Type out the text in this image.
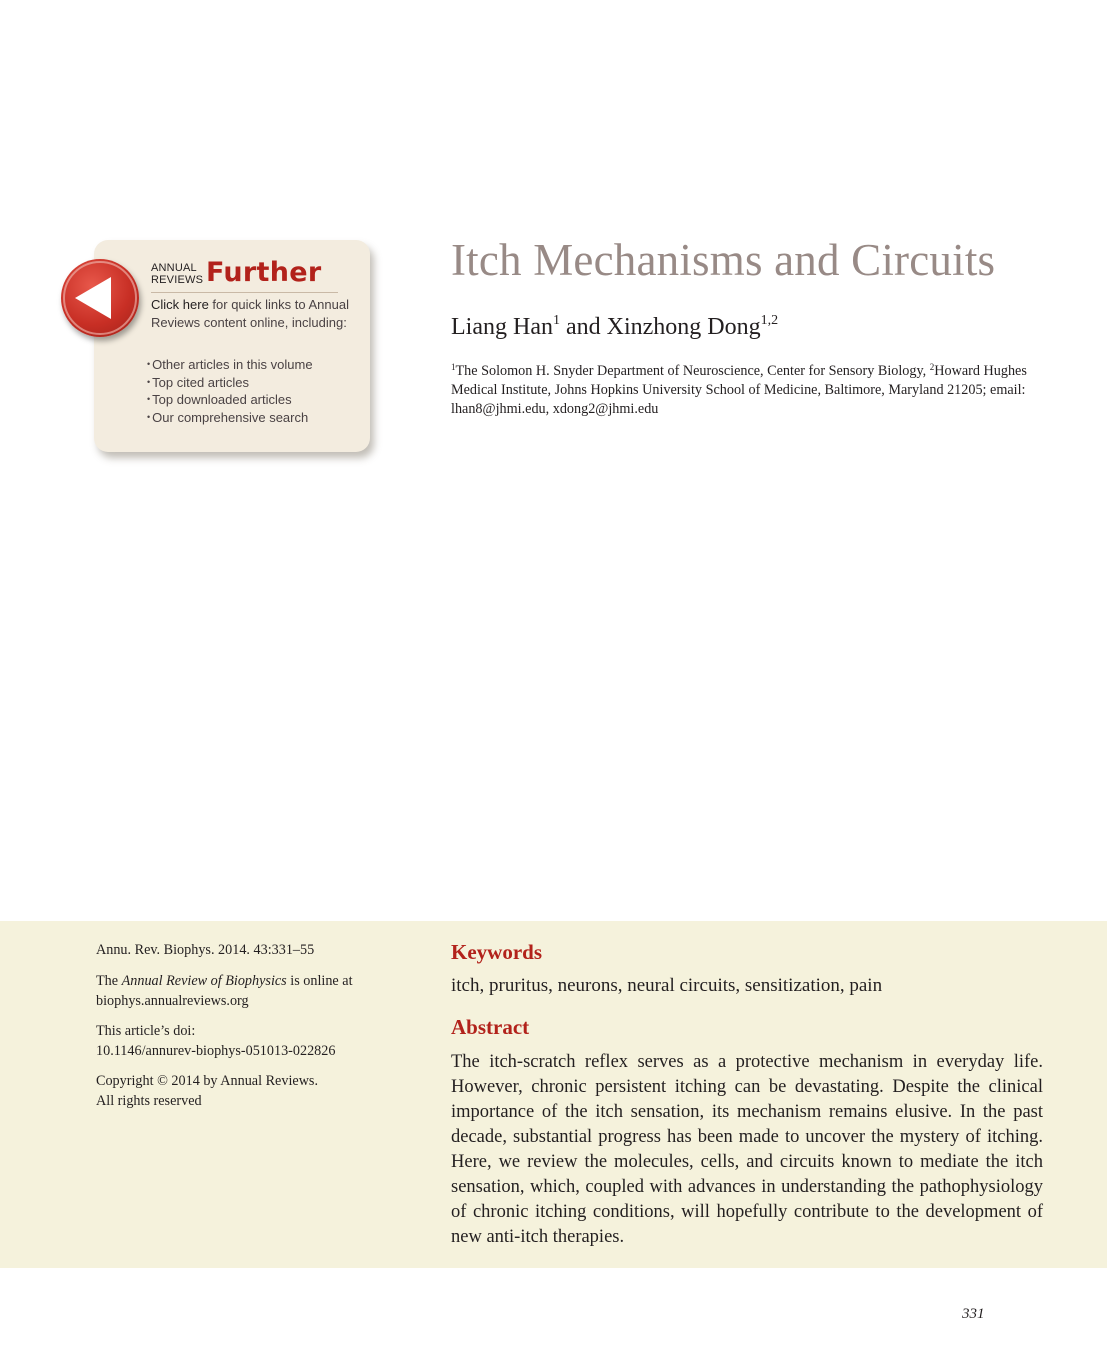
ANNUAL
REVIEWS Further
Click here for quick links to Annual Reviews content online, including:
• Other articles in this volume
• Top cited articles
• Top downloaded articles
• Our comprehensive search
Itch Mechanisms and Circuits
Liang Han$^1$ and Xinzhong Dong$^{1,2}$
$^1$The Solomon H. Snyder Department of Neuroscience, Center for Sensory Biology, $^2$Howard Hughes Medical Institute, Johns Hopkins University School of Medicine, Baltimore, Maryland 21205; email: lhan8@jhmi.edu, xdong2@jhmi.edu
Annu. Rev. Biophys. 2014. 43:331–55
The Annual Review of Biophysics is online at
biophys.annualreviews.org
This article’s doi:
10.1146/annurev-biophys-051013-022826
Copyright © 2014 by Annual Reviews.
All rights reserved
Keywords
itch, pruritus, neurons, neural circuits, sensitization, pain
Abstract
The itch-scratch reflex serves as a protective mechanism in everyday life. However, chronic persistent itching can be devastating. Despite the clinical importance of the itch sensation, its mechanism remains elusive. In the past decade, substantial progress has been made to uncover the mystery of itching. Here, we review the molecules, cells, and circuits known to mediate the itch sensation, which, coupled with advances in understanding the pathophysiology of chronic itching conditions, will hopefully contribute to the development of new anti-itch therapies.
331
